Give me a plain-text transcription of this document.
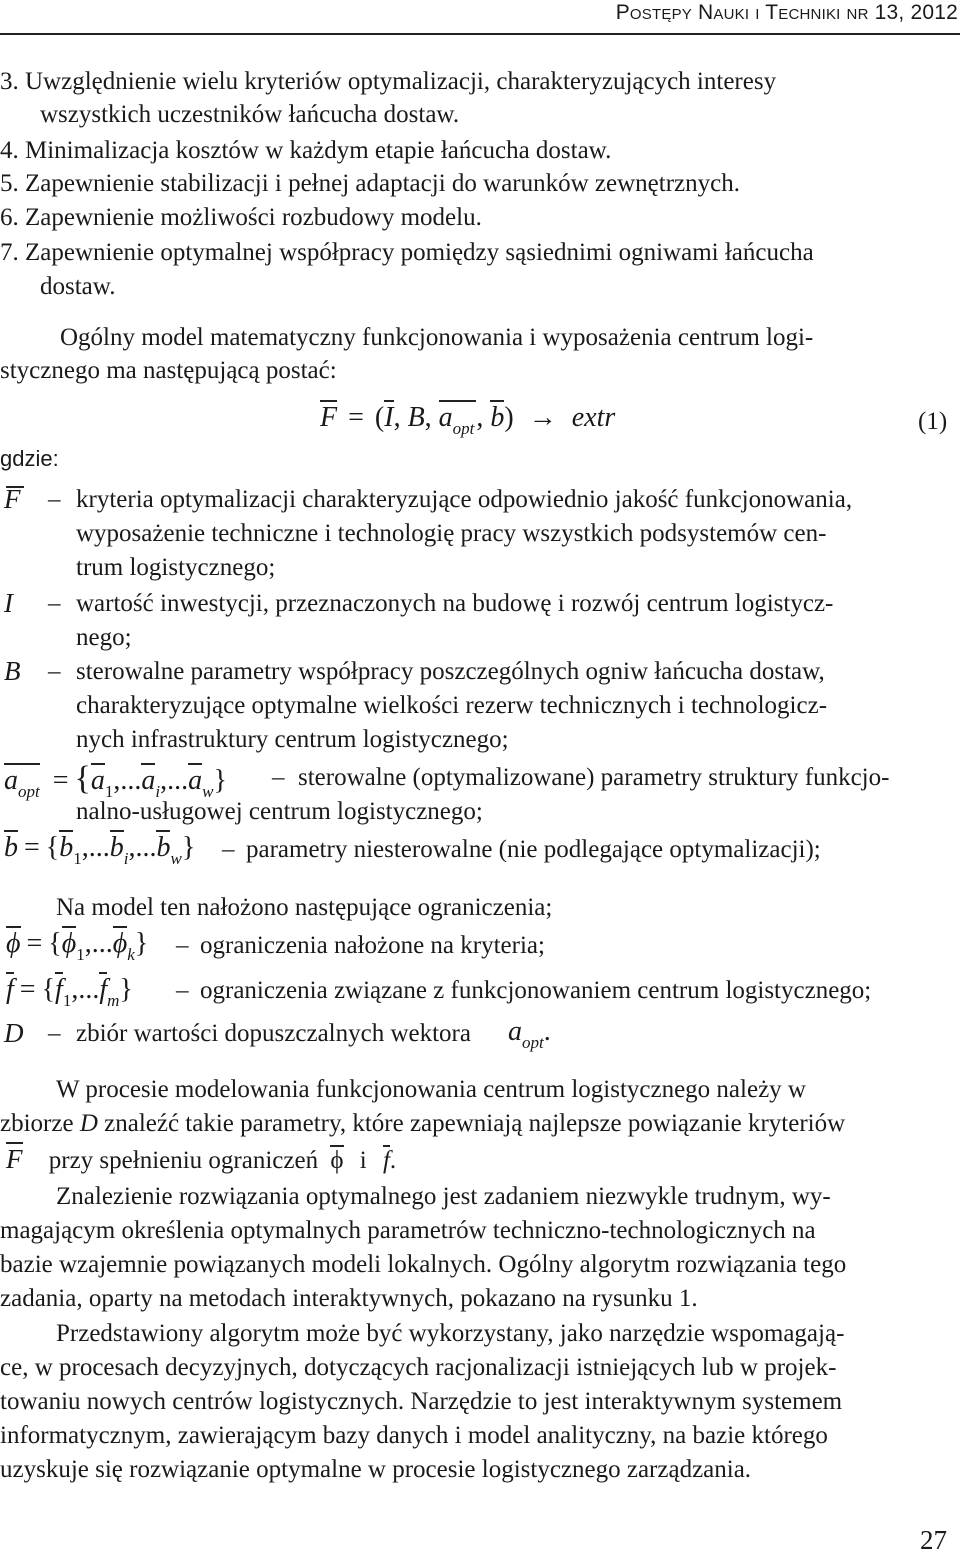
Postępy Nauki i Techniki nr 13, 2012
3. Uwzględnienie wielu kryteriów optymalizacji, charakteryzujących interesy
wszystkich uczestników łańcucha dostaw.
4. Minimalizacja kosztów w każdym etapie łańcucha dostaw.
5. Zapewnienie stabilizacji i pełnej adaptacji do warunków zewnętrznych.
6. Zapewnienie możliwości rozbudowy modelu.
7. Zapewnienie optymalnej współpracy pomiędzy sąsiednimi ogniwami łańcucha
dostaw.
Ogólny model matematyczny funkcjonowania i wyposażenia centrum logi-
stycznego ma następującą postać:
F = (I, B, $a_{opt}$, b) → extr	(1)
gdzie:
F – kryteria optymalizacji charakteryzujące odpowiednio jakość funkcjonowania,
wyposażenie techniczne i technologię pracy wszystkich podsystemów cen-
trum logistycznego;
I – wartość inwestycji, przeznaczonych na budowę i rozwój centrum logistycz-
nego;
B – sterowalne parametry współpracy poszczególnych ogniw łańcucha dostaw,
charakteryzujące optymalne wielkości rezerw technicznych i technologicz-
nych infrastruktury centrum logistycznego;
$a_{opt} = \{a_1,...a_i,...a_w\}$ – sterowalne (optymalizowane) parametry struktury funkcjo-
nalno-usługowej centrum logistycznego;
$b = \{b_1,...b_i,...b_w\}$ – parametry niesterowalne (nie podlegające optymalizacji);
Na model ten nałożono następujące ograniczenia;
$\phi = \{\phi_1,...\phi_k\}$ – ograniczenia nałożone na kryteria;
$f = \{f_1,...f_m\}$ – ograniczenia związane z funkcjonowaniem centrum logistycznego;
D – zbiór wartości dopuszczalnych wektora $a_{opt}$.
W procesie modelowania funkcjonowania centrum logistycznego należy w
zbiorze D znaleźć takie parametry, które zapewniają najlepsze powiązanie kryteriów
F przy spełnieniu ograniczeń ϕ i f.
Znalezienie rozwiązania optymalnego jest zadaniem niezwykle trudnym, wy-
magającym określenia optymalnych parametrów techniczno-technologicznych na
bazie wzajemnie powiązanych modeli lokalnych. Ogólny algorytm rozwiązania tego
zadania, oparty na metodach interaktywnych, pokazano na rysunku 1.
Przedstawiony algorytm może być wykorzystany, jako narzędzie wspomagają-
ce, w procesach decyzyjnych, dotyczących racjonalizacji istniejących lub w projek-
towaniu nowych centrów logistycznych. Narzędzie to jest interaktywnym systemem
informatycznym, zawierającym bazy danych i model analityczny, na bazie którego
uzyskuje się rozwiązanie optymalne w procesie logistycznego zarządzania.
27
